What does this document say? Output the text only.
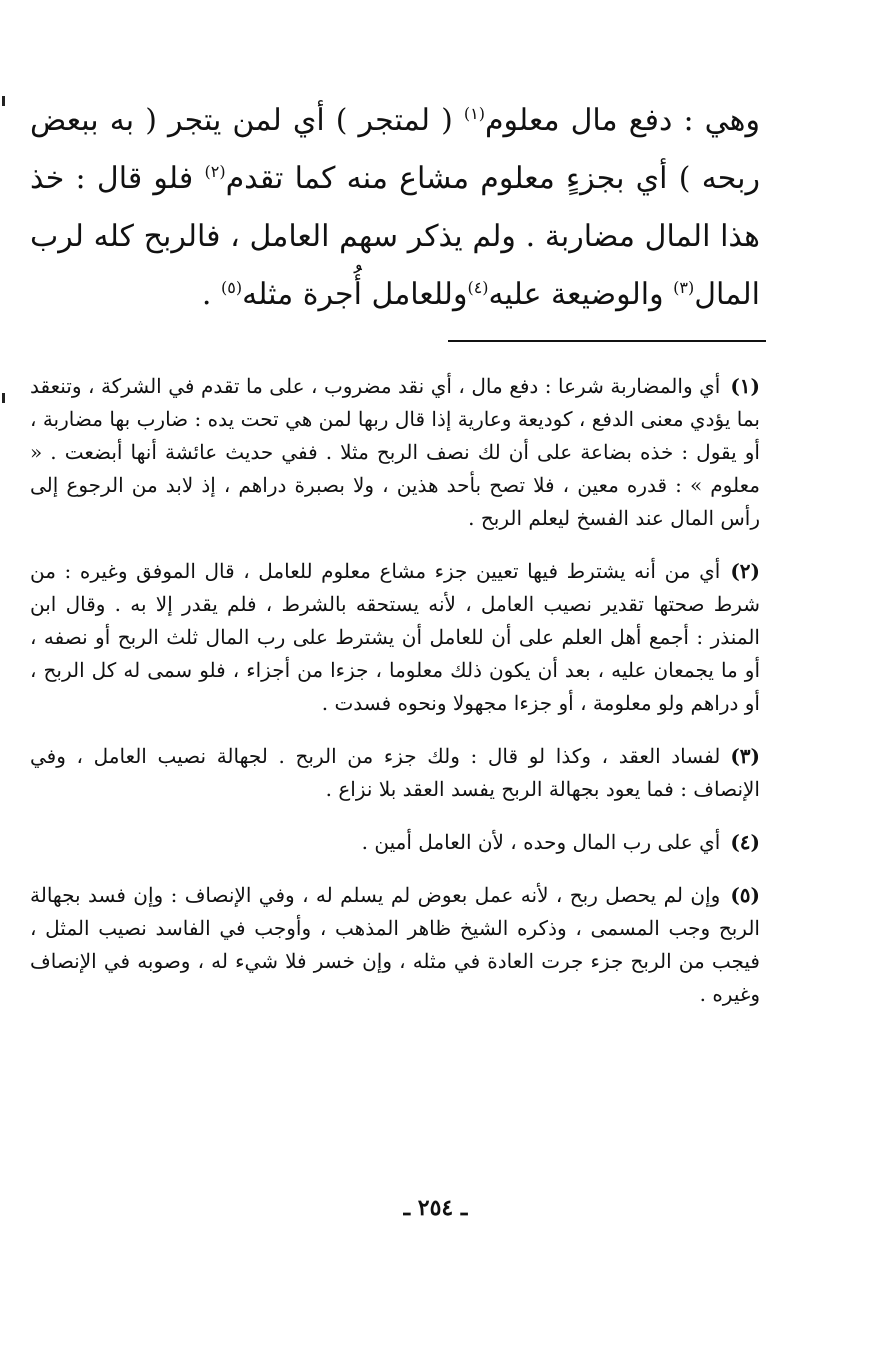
وهي : دفع مال معلوم$^{(١)}$ ( لمتجر ) أي لمن يتجر ( به ببعض ربحه ) أي بجزءٍ معلوم مشاع منه كما تقدم$^{(٢)}$ فلو قال : خذ هذا المال مضاربة . ولم يذكر سهم العامل ، فالربح كله لرب المال$^{(٣)}$ والوضيعة عليه$^{(٤)}$وللعامل أُجرة مثله$^{(٥)}$ .

(١)أي والمضاربة شرعا : دفع مال ، أي نقد مضروب ، على ما تقدم في الشركة ، وتنعقد بما يؤدي معنى الدفع ، كوديعة وعارية إذا قال ربها لمن هي تحت يده : ضارب بها مضاربة ، أو يقول : خذه بضاعة على أن لك نصف الربح مثلا . ففي حديث عائشة أنها أبضعت . « معلوم » : قدره معين ، فلا تصح بأحد هذين ، ولا بصبرة دراهم ، إذ لابد من الرجوع إلى رأس المال عند الفسخ ليعلم الربح .

(٢)أي من أنه يشترط فيها تعيين جزء مشاع معلوم للعامل ، قال الموفق وغيره : من شرط صحتها تقدير نصيب العامل ، لأنه يستحقه بالشرط ، فلم يقدر إلا به . وقال ابن المنذر : أجمع أهل العلم على أن للعامل أن يشترط على رب المال ثلث الربح أو نصفه ، أو ما يجمعان عليه ، بعد أن يكون ذلك معلوما ، جزءا من أجزاء ، فلو سمى له كل الربح ، أو دراهم ولو معلومة ، أو جزءا مجهولا ونحوه فسدت .

(٣)لفساد العقد ، وكذا لو قال : ولك جزء من الربح . لجهالة نصيب العامل ، وفي الإنصاف : فما يعود بجهالة الربح يفسد العقد بلا نزاع .

(٤)أي على رب المال وحده ، لأن العامل أمين .

(٥)وإن لم يحصل ربح ، لأنه عمل بعوض لم يسلم له ، وفي الإنصاف : وإن فسد بجهالة الربح وجب المسمى ، وذكره الشيخ ظاهر المذهب ، وأوجب في الفاسد نصيب المثل ، فيجب من الربح جزء جرت العادة في مثله ، وإن خسر فلا شيء له ، وصوبه في الإنصاف وغيره .

ـ ٢٥٤ ـ
